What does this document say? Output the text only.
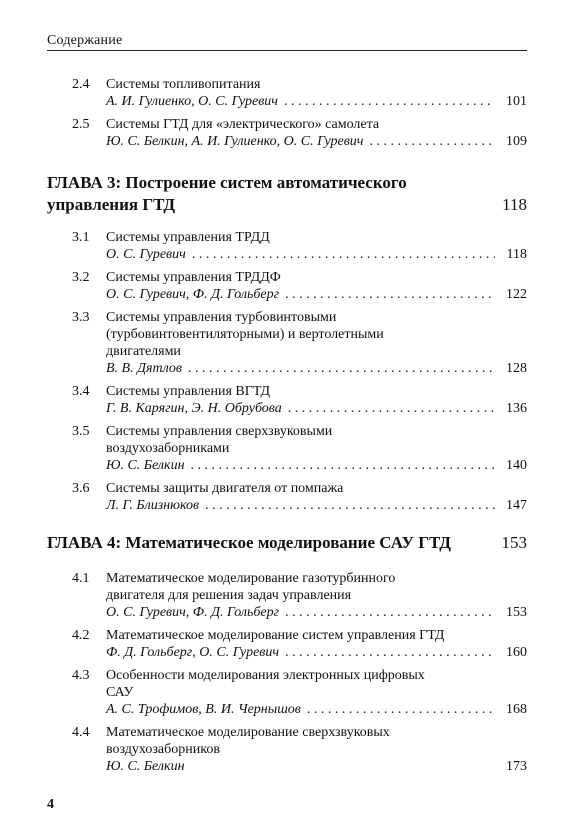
Содержание
2.4	Системы топливопитания
А. И. Гулиенко, О. С. Гуревич . . .	101
2.5	Системы ГТД для «электрического» самолета
Ю. С. Белкин, А. И. Гулиенко, О. С. Гуревич . . .	109
ГЛАВА 3: Построение систем автоматического
управления ГТД	118
3.1	Системы управления ТРДД
О. С. Гуревич . . .	118
3.2	Системы управления ТРДДФ
О. С. Гуревич, Ф. Д. Гольберг . . .	122
3.3	Системы управления турбовинтовыми
(турбовинтовентиляторными) и вертолетными
двигателями
В. В. Дятлов . . .	128
3.4	Системы управления ВГТД
Г. В. Карягин, Э. Н. Обрубова . . .	136
3.5	Системы управления сверхзвуковыми
воздухозаборниками
Ю. С. Белкин . . .	140
3.6	Системы защиты двигателя от помпажа
Л. Г. Близнюков . . .	147
ГЛАВА 4: Математическое моделирование САУ ГТД	153
4.1	Математическое моделирование газотурбинного
двигателя для решения задач управления
О. С. Гуревич, Ф. Д. Гольберг . . .	153
4.2	Математическое моделирование систем управления ГТД
Ф. Д. Гольберг, О. С. Гуревич . . .	160
4.3	Особенности моделирования электронных цифровых
САУ
А. С. Трофимов, В. И. Чернышов . . .	168
4.4	Математическое моделирование сверхзвуковых
воздухозаборников
Ю. С. Белкин	173
4
